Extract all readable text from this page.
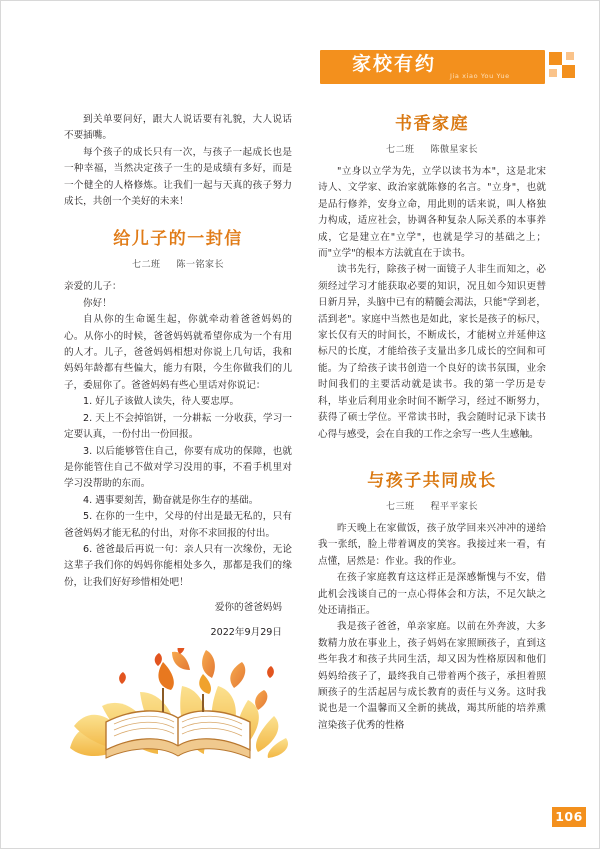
家校有约
Jia xiao You Yue

到关单要问好，跟大人说话要有礼貌，大人说话不要插嘴。

每个孩子的成长只有一次，与孩子一起成长也是一种幸福，当然决定孩子一生的是成绩有多好，而是一个健全的人格修炼。让我们一起与天真的孩子努力成长，共创一个美好的未来！

给儿子的一封信
七二班 陈一铭家长

亲爱的儿子：

你好！

自从你的生命诞生起，你就牵动着爸爸妈妈的心。从你小的时候，爸爸妈妈就希望你成为一个有用的人才。儿子，爸爸妈妈相想对你说上几句话，我和妈妈年龄都有些偏大，能力有限，今生你做我们的儿子，委屈你了。爸爸妈妈有些心里话对你说记：

1. 好儿子该做人读失，待人要忠厚。

2. 天上不会掉馅饼，一分耕耘 一分收获，学习一定要认真，一份付出一份回报。

3. 以后能够管住自己，你要有成功的保障，也就是你能管住自己不做对学习没用的事，不看手机里对学习没帮助的东而。

4. 遇事要刻苦，勤奋就是你生存的基础。

5. 在你的一生中，父母的付出是最无私的，只有爸爸妈妈才能无私的付出，对你不求回报的付出。

6. 爸爸最后再说一句：亲人只有一次缘份，无论这辈子我们你的妈妈你能相处多久，那都是我们的缘份，让我们好好珍惜相处吧！

爱你的爸爸妈妈
2022年9月29日
书香家庭
七二班 陈傲星家长

"立身以立学为先，立学以读书为本"，这是北宋诗人、文学家、政治家就陈修的名言。"立身"，也就是品行修养，安身立命，用此则的话来说，叫人格独力构成，适应社会，协调各种复杂人际关系的本事养成，它是建立在"立学"，也就是学习的基础之上；而"立学"的根本方法就直在于读书。

读书先行，除孩子树一面镜子人非生而知之，必须经过学习才能获取必要的知识，况且如今知识更替日新月异，头脑中已有的精髓会渴法，只能"学到老，活到老"。家庭中当然也是如此，家长是孩子的标尺，家长仅有天的时间长，不断成长，才能树立并延伸这标尺的长度，才能给孩子支量出多几成长的空间和可能。为了给孩子读书创造一个良好的读书氛围，业余时间我们的主要活动就是读书。我的第一学历是专科，毕业后利用业余时间不断学习，经过不断努力，获得了硕士学位。平常读书时，我会随时记录下读书心得与感受，会在自我的工作之余写一些人生感触。

与孩子共同成长
七三班 程平平家长

昨天晚上在家做饭，孩子放学回来兴冲冲的递给我一张纸，脸上带着调皮的笑容。我接过来一看，有点懂，居然是：作业。我的作业。

在孩子家庭教育这这样正是深感惭愧与不安，借此机会浅谈自己的一点心得体会和方法，不足欠缺之处还请指正。

我是孩子爸爸，单亲家庭。以前在外奔波，大多数精力放在事业上，孩子妈妈在家照顾孩子，直到这些年我才和孩子共同生活，却又因为性格原因和他们妈妈给孩子了，最终我自己带着两个孩子，承担着照顾孩子的生活起居与成长教育的责任与义务。这时我说也是一个温馨而又全新的挑战，竭其所能的培养熏渲染孩子优秀的性格

106
